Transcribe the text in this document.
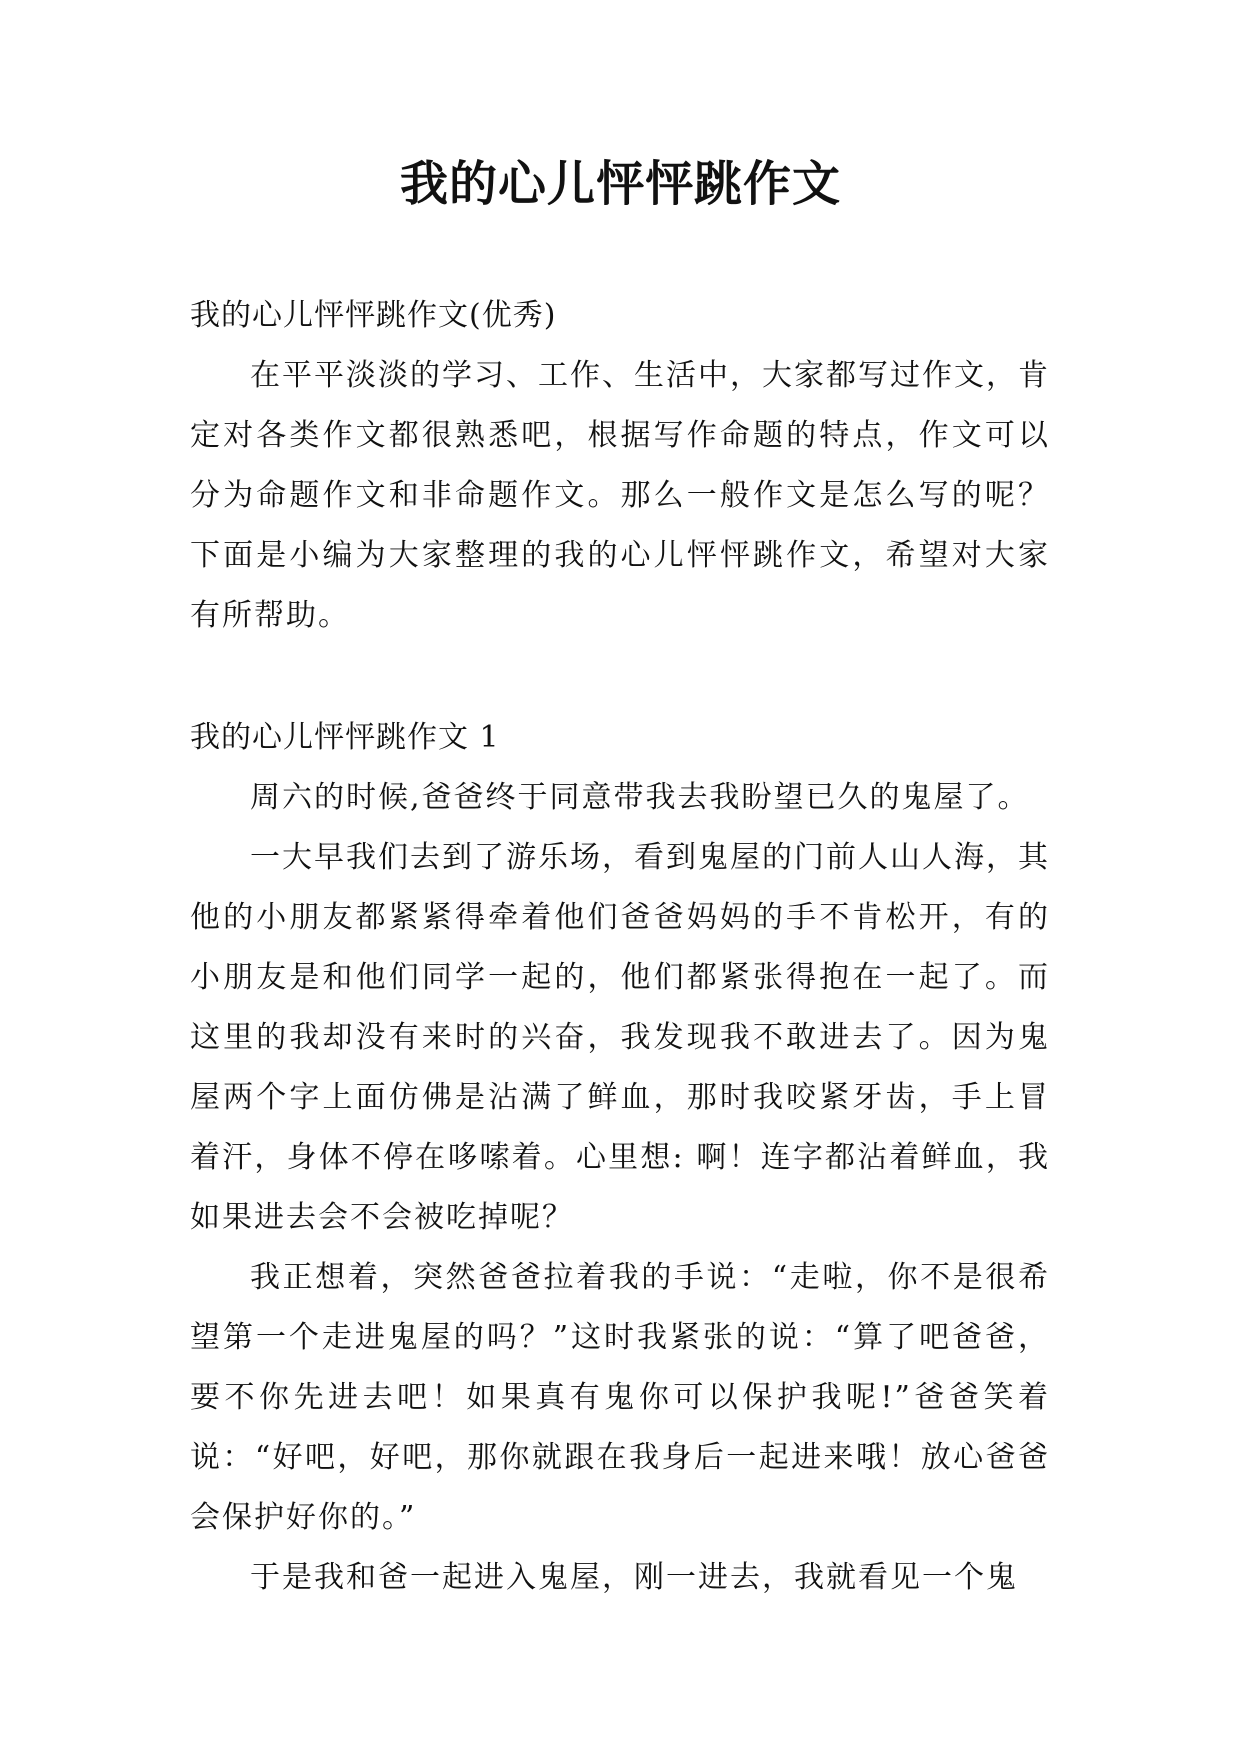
我的心儿怦怦跳作文

我的心儿怦怦跳作文(优秀)

在平平淡淡的学习、工作、生活中，大家都写过作文，肯定对各类作文都很熟悉吧，根据写作命题的特点，作文可以分为命题作文和非命题作文。那么一般作文是怎么写的呢？下面是小编为大家整理的我的心儿怦怦跳作文，希望对大家有所帮助。

我的心儿怦怦跳作文 1

周六的时候,爸爸终于同意带我去我盼望已久的鬼屋了。

一大早我们去到了游乐场，看到鬼屋的门前人山人海，其他的小朋友都紧紧得牵着他们爸爸妈妈的手不肯松开，有的小朋友是和他们同学一起的，他们都紧张得抱在一起了。而这里的我却没有来时的兴奋，我发现我不敢进去了。因为鬼屋两个字上面仿佛是沾满了鲜血，那时我咬紧牙齿，手上冒着汗，身体不停在哆嗦着。心里想: 啊！连字都沾着鲜血，我如果进去会不会被吃掉呢？

我正想着，突然爸爸拉着我的手说：“走啦，你不是很希望第一个走进鬼屋的吗？”这时我紧张的说：“算了吧爸爸，要不你先进去吧！如果真有鬼你可以保护我呢!”爸爸笑着说：“好吧，好吧，那你就跟在我身后一起进来哦！放心爸爸会保护好你的。”

于是我和爸一起进入鬼屋，刚一进去，我就看见一个鬼
